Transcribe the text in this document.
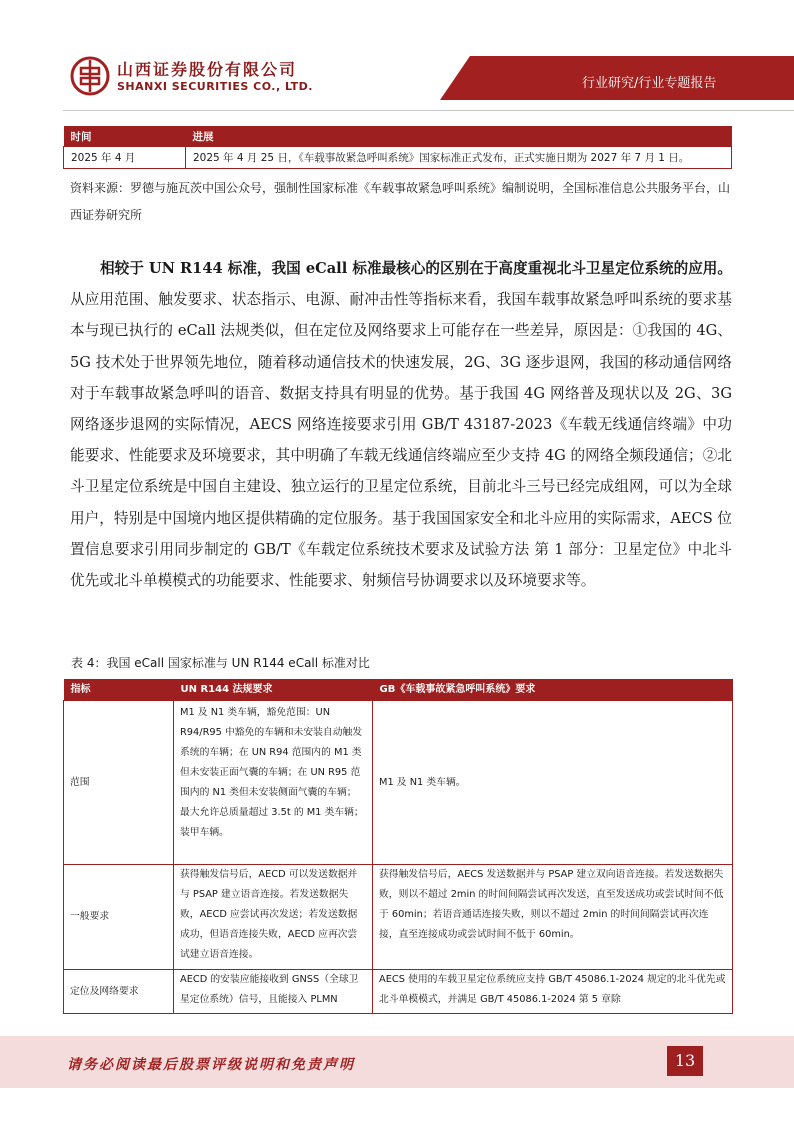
山西证券股份有限公司
SHANXI SECURITIES CO., LTD.	行业研究/行业专题报告
时间	进展
2025 年 4 月	2025 年 4 月 25 日，《车载事故紧急呼叫系统》国家标准正式发布，正式实施日期为 2027 年 7 月 1 日。
资料来源：罗德与施瓦茨中国公众号，强制性国家标准《车载事故紧急呼叫系统》编制说明，全国标准信息公共服务平台，山西证券研究所
相较于 UN R144 标准，我国 eCall 标准最核心的区别在于高度重视北斗卫星定位系统的应用。从应用范围、触发要求、状态指示、电源、耐冲击性等指标来看，我国车载事故紧急呼叫系统的要求基本与现已执行的 eCall 法规类似，但在定位及网络要求上可能存在一些差异，原因是：①我国的 4G、5G 技术处于世界领先地位，随着移动通信技术的快速发展，2G、3G 逐步退网，我国的移动通信网络对于车载事故紧急呼叫的语音、数据支持具有明显的优势。基于我国 4G 网络普及现状以及 2G、3G 网络逐步退网的实际情况，AECS 网络连接要求引用 GB/T 43187-2023《车载无线通信终端》中功能要求、性能要求及环境要求，其中明确了车载无线通信终端应至少支持 4G 的网络全频段通信；②北斗卫星定位系统是中国自主建设、独立运行的卫星定位系统，目前北斗三号已经完成组网，可以为全球用户，特别是中国境内地区提供精确的定位服务。基于我国国家安全和北斗应用的实际需求，AECS 位置信息要求引用同步制定的 GB/T《车载定位系统技术要求及试验方法 第 1 部分：卫星定位》中北斗优先或北斗单模模式的功能要求、性能要求、射频信号协调要求以及环境要求等。
表 4：我国 eCall 国家标准与 UN R144 eCall 标准对比
指标	UN R144 法规要求	GB《车载事故紧急呼叫系统》要求
范围	M1 及 N1 类车辆，豁免范围：UN R94/R95 中豁免的车辆和未安装自动触发系统的车辆；在 UN R94 范围内的 M1 类但未安装正面气囊的车辆；在 UN R95 范围内的 N1 类但未安装侧面气囊的车辆；最大允许总质量超过 3.5t 的 M1 类车辆；装甲车辆。	M1 及 N1 类车辆。
一般要求	获得触发信号后，AECD 可以发送数据并与 PSAP 建立语音连接。若发送数据失败，AECD 应尝试再次发送；若发送数据成功，但语音连接失败，AECD 应再次尝试建立语音连接。	获得触发信号后，AECS 发送数据并与 PSAP 建立双向语音连接。若发送数据失败，则以不超过 2min 的时间间隔尝试再次发送，直至发送成功或尝试时间不低于 60min；若语音通话连接失败，则以不超过 2min 的时间间隔尝试再次连接，直至连接成功或尝试时间不低于 60min。
定位及网络要求	AECD 的安装应能接收到 GNSS（全球卫星定位系统）信号，且能接入 PLMN	AECS 使用的车载卫星定位系统应支持 GB/T 45086.1-2024 规定的北斗优先或北斗单模模式，并满足 GB/T 45086.1-2024 第 5 章除
请务必阅读最后股票评级说明和免责声明	13
